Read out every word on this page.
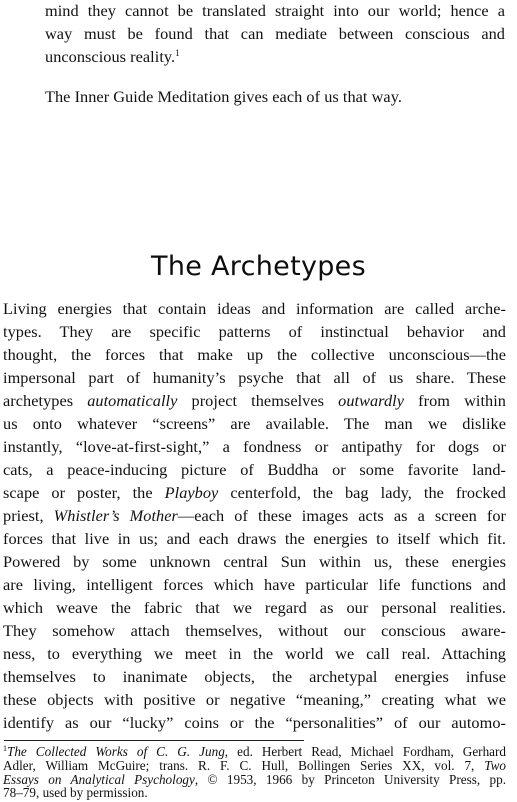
mind they cannot be translated straight into our world; hence a
way must be found that can mediate between conscious and
unconscious reality.$^1$
The Inner Guide Meditation gives each of us that way.
The Archetypes
Living energies that contain ideas and information are called arche-
types. They are specific patterns of instinctual behavior and
thought, the forces that make up the collective unconscious—the
impersonal part of humanity’s psyche that all of us share. These
archetypes automatically project themselves outwardly from within
us onto whatever “screens” are available. The man we dislike
instantly, “love-at-first-sight,” a fondness or antipathy for dogs or
cats, a peace-inducing picture of Buddha or some favorite land-
scape or poster, the Playboy centerfold, the bag lady, the frocked
priest, Whistler’s Mother—each of these images acts as a screen for
forces that live in us; and each draws the energies to itself which fit.
Powered by some unknown central Sun within us, these energies
are living, intelligent forces which have particular life functions and
which weave the fabric that we regard as our personal realities.
They somehow attach themselves, without our conscious aware-
ness, to everything we meet in the world we call real. Attaching
themselves to inanimate objects, the archetypal energies infuse
these objects with positive or negative “meaning,” creating what we
identify as our “lucky” coins or the “personalities” of our automo-
$^1$The Collected Works of C. G. Jung, ed. Herbert Read, Michael Fordham, Gerhard
Adler, William McGuire; trans. R. F. C. Hull, Bollingen Series XX, vol. 7, Two
Essays on Analytical Psychology, © 1953, 1966 by Princeton University Press, pp.
78–79, used by permission.
